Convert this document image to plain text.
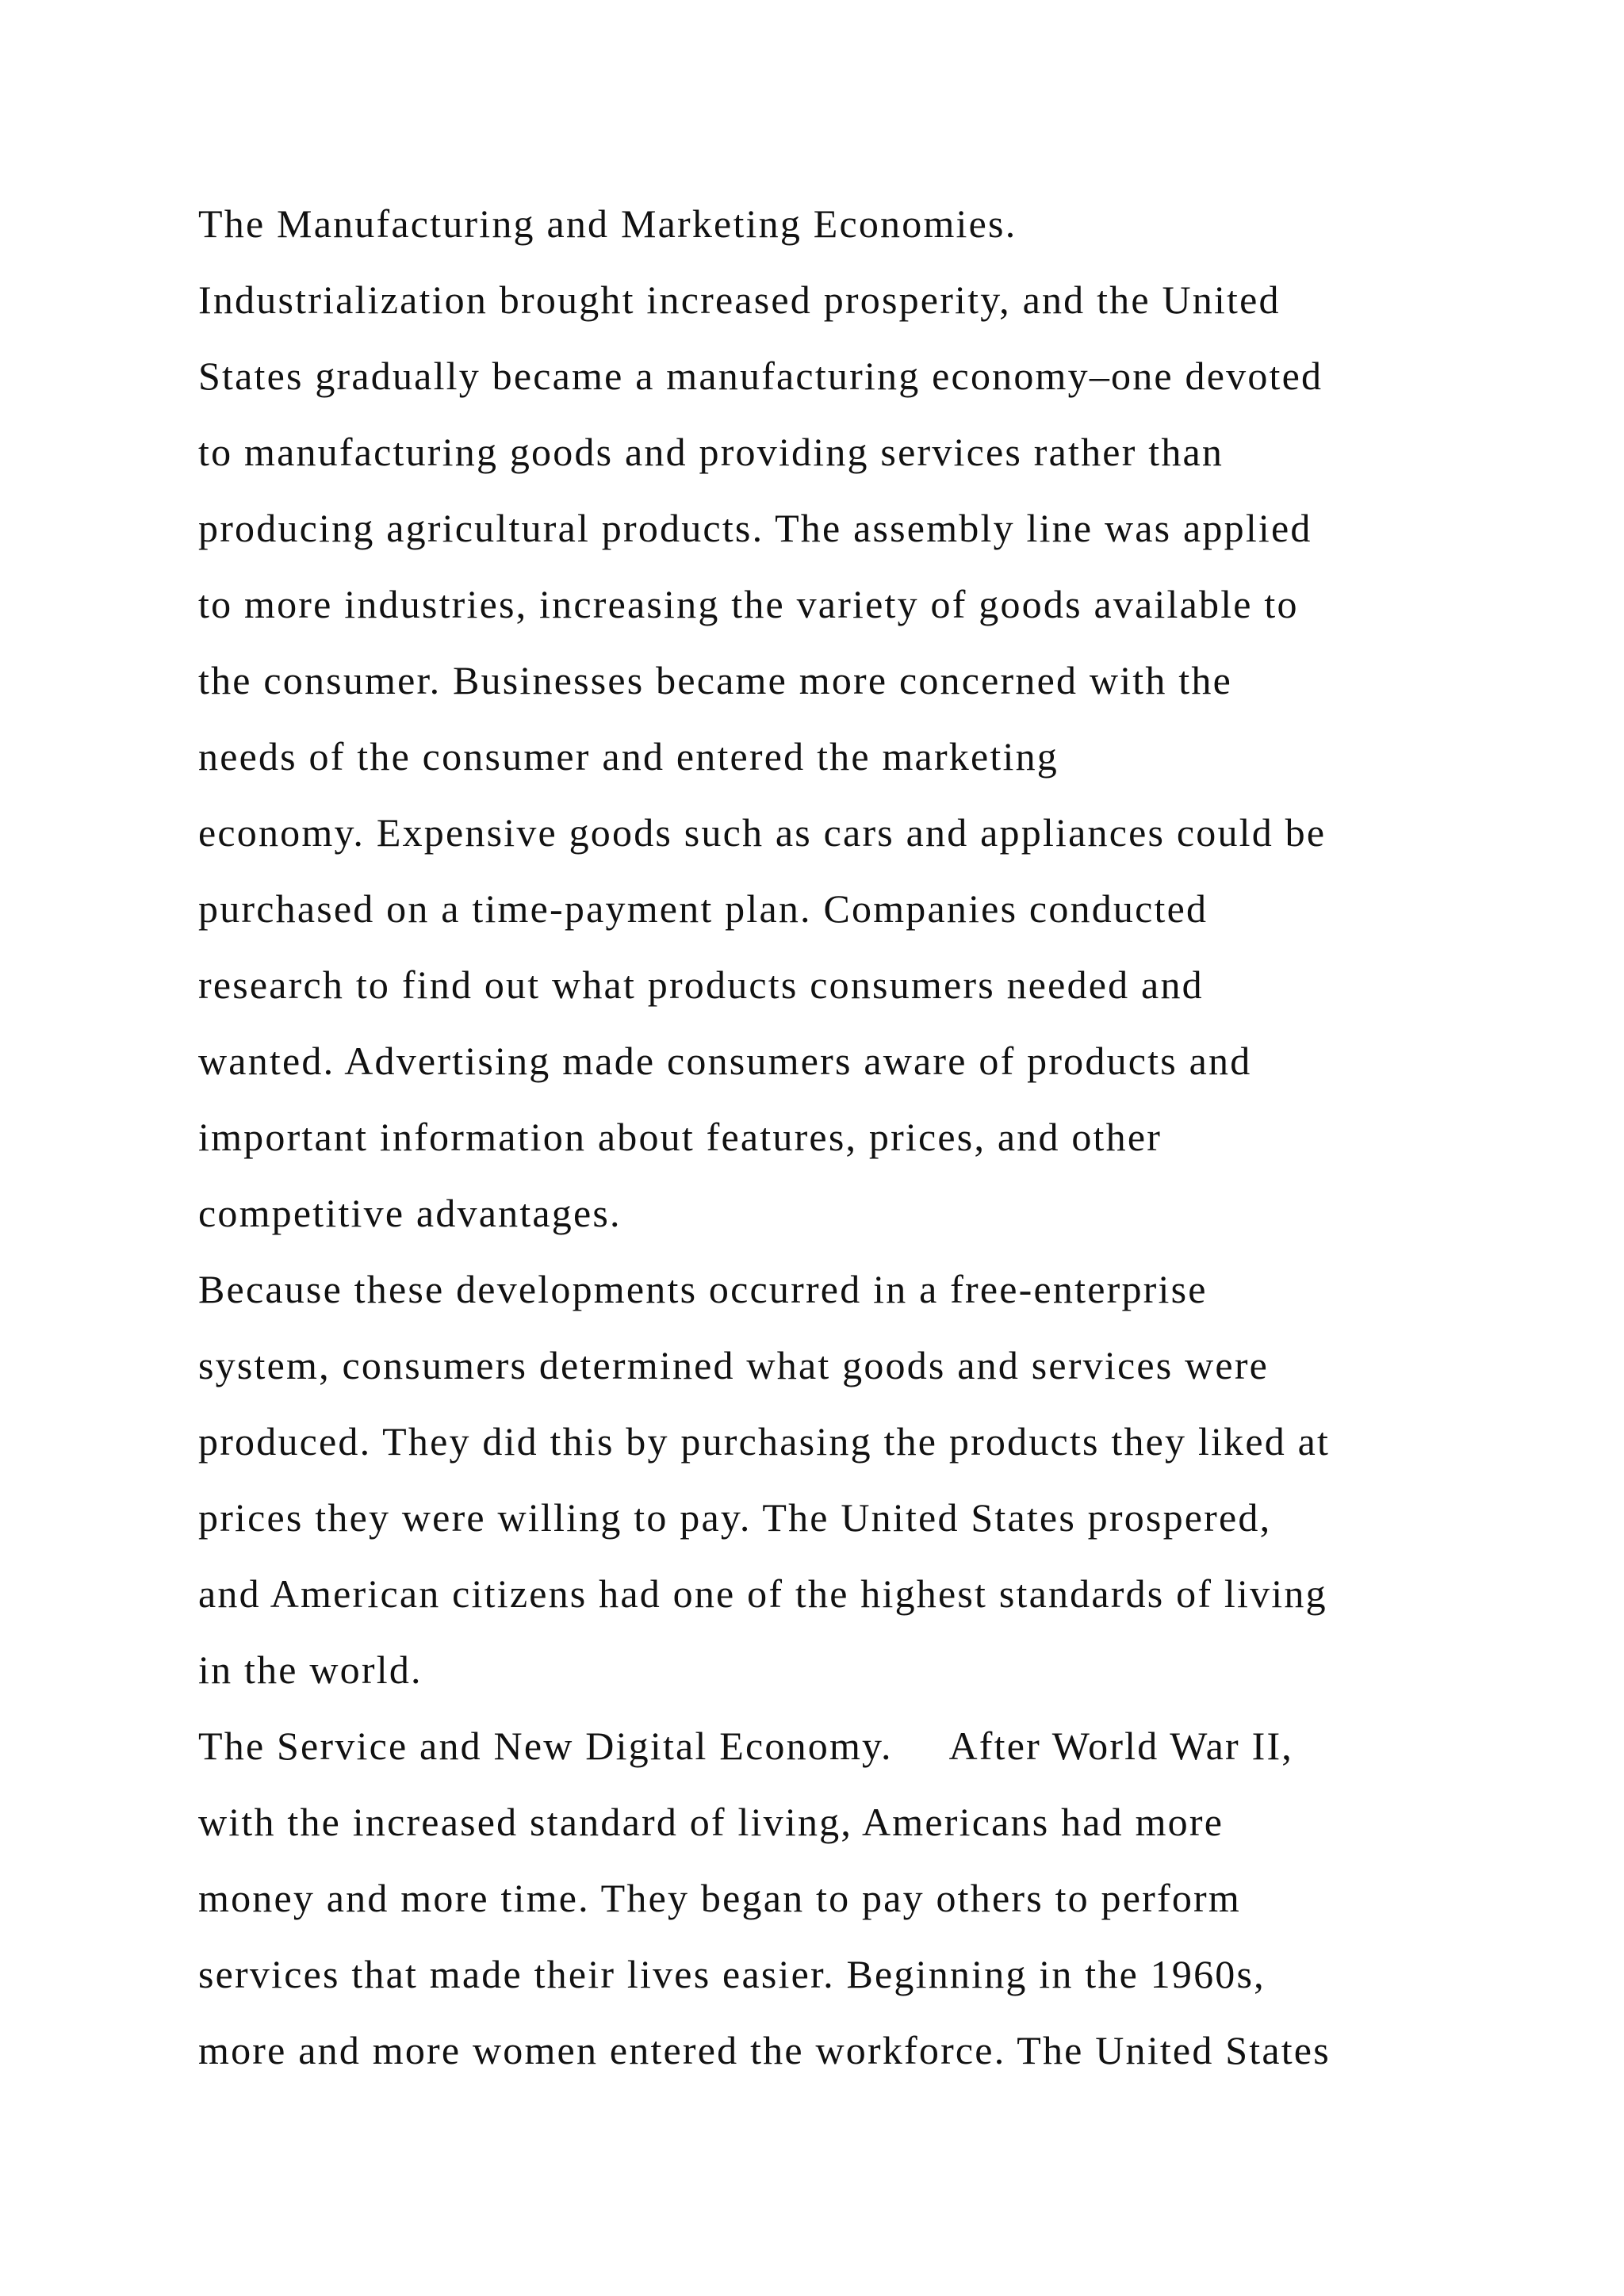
The Manufacturing and Marketing Economies.
Industrialization brought increased prosperity, and the United
States gradually became a manufacturing economy–one devoted
to manufacturing goods and providing services rather than
producing agricultural products. The assembly line was applied
to more industries, increasing the variety of goods available to
the consumer. Businesses became more concerned with the
needs of the consumer and entered the marketing
economy. Expensive goods such as cars and appliances could be
purchased on a time-payment plan. Companies conducted
research to find out what products consumers needed and
wanted. Advertising made consumers aware of products and
important information about features, prices, and other
competitive advantages.
Because these developments occurred in a free-enterprise
system, consumers determined what goods and services were
produced. They did this by purchasing the products they liked at
prices they were willing to pay. The United States prospered,
and American citizens had one of the highest standards of living
in the world.
The Service and New Digital Economy.     After World War II,
with the increased standard of living, Americans had more
money and more time. They began to pay others to perform
services that made their lives easier. Beginning in the 1960s,
more and more women entered the workforce. The United States
